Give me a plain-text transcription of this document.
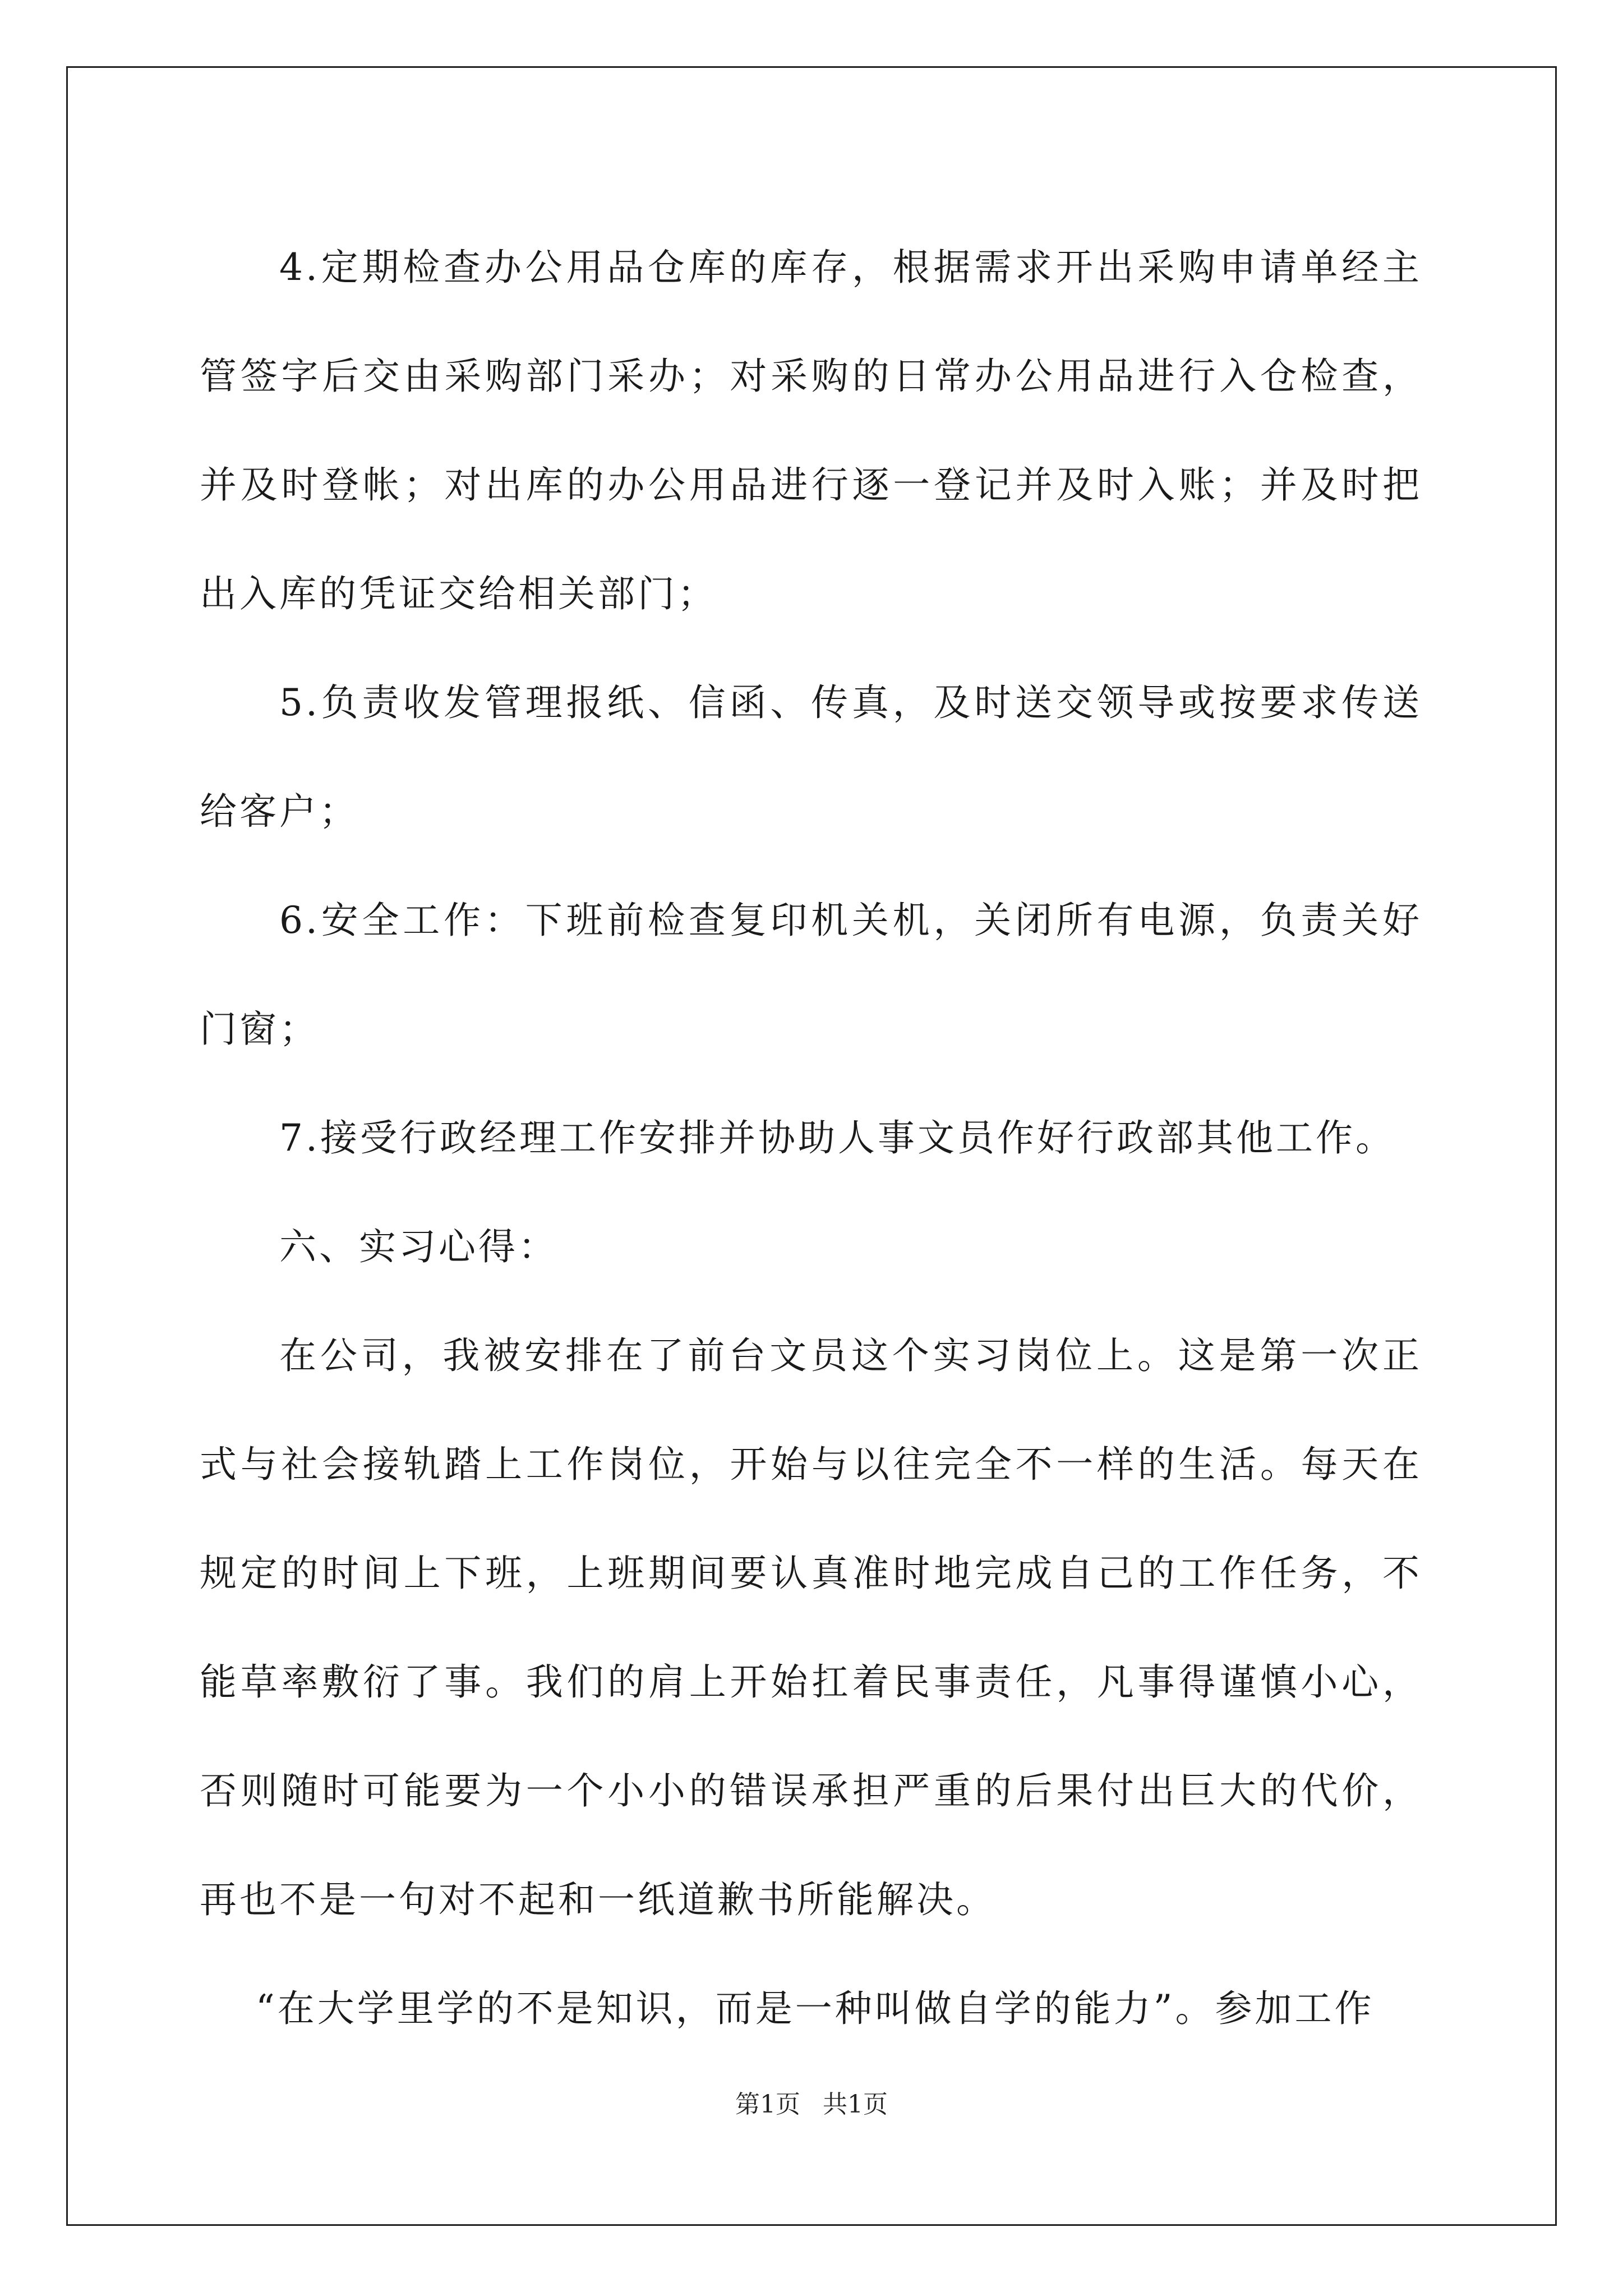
4.定期检查办公用品仓库的库存，根据需求开出采购申请单经主管签字后交由采购部门采办；对采购的日常办公用品进行入仓检查，并及时登帐；对出库的办公用品进行逐一登记并及时入账；并及时把出入库的凭证交给相关部门；

5.负责收发管理报纸、信函、传真，及时送交领导或按要求传送给客户；

6.安全工作：下班前检查复印机关机，关闭所有电源，负责关好门窗；

7.接受行政经理工作安排并协助人事文员作好行政部其他工作。

六、实习心得：

在公司，我被安排在了前台文员这个实习岗位上。这是第一次正式与社会接轨踏上工作岗位，开始与以往完全不一样的生活。每天在规定的时间上下班，上班期间要认真准时地完成自己的工作任务，不能草率敷衍了事。我们的肩上开始扛着民事责任，凡事得谨慎小心，否则随时可能要为一个小小的错误承担严重的后果付出巨大的代价，再也不是一句对不起和一纸道歉书所能解决。

“在大学里学的不是知识，而是一种叫做自学的能力”。参加工作

第1页 共1页
